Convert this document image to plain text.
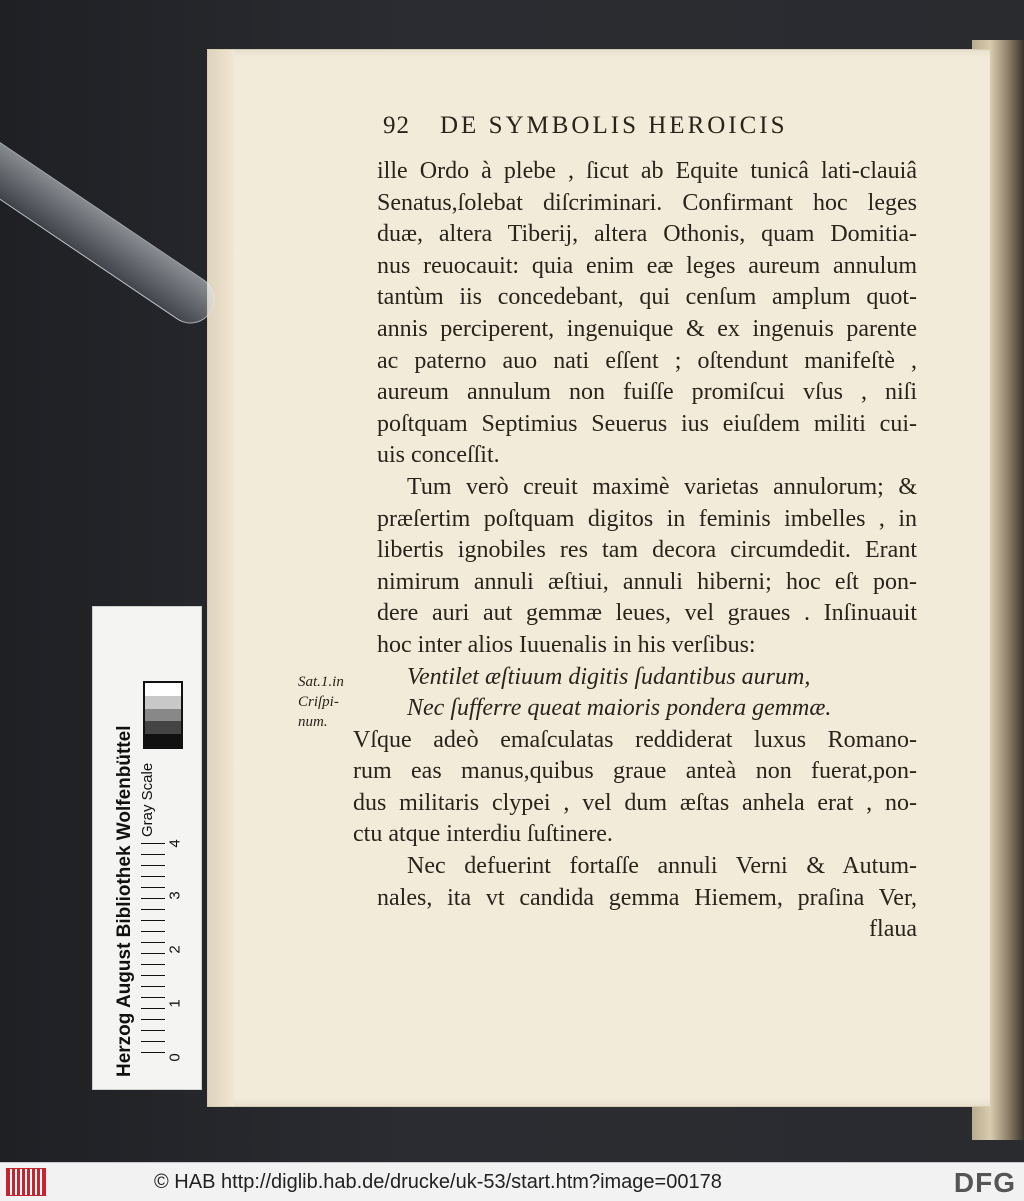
92 DE SYMBOLIS HEROICIS
ille Ordo à plebe , ſicut ab Equite tunicâ lati-clauiâ
Senatus,ſolebat diſcriminari. Confirmant hoc leges
duæ, altera Tiberij, altera Othonis, quam Domitia-
nus reuocauit: quia enim eæ leges aureum annulum
tantùm iis concedebant, qui cenſum amplum quot-
annis perciperent, ingenuique & ex ingenuis parente
ac paterno auo nati eſſent ; oſtendunt manifeſtè ,
aureum annulum non fuiſſe promiſcui vſus , niſi
poſtquam Septimius Seuerus ius eiuſdem militi cui-
uis conceſſit.
Tum verò creuit maximè varietas annulorum; &
præſertim poſtquam digitos in feminis imbelles , in
libertis ignobiles res tam decora circumdedit. Erant
nimirum annuli æſtiui, annuli hiberni; hoc eſt pon-
dere auri aut gemmæ leues, vel graues . Inſinuauit
hoc inter alios Iuuenalis in his verſibus:
Ventilet æſtiuum digitis ſudantibus aurum,
Nec ſufferre queat maioris pondera gemmæ.
Vſque adeò emaſculatas reddiderat luxus Romano-
rum eas manus,quibus graue anteà non fuerat,pon-
dus militaris clypei , vel dum æſtas anhela erat , no-
ctu atque interdiu ſuſtinere.
Nec defuerint fortaſſe annuli Verni & Autum-
nales, ita vt candida gemma Hiemem, praſina Ver,
flaua
Sat.1.in
Criſpi-
num.
Herzog August Bibliothek Wolfenbüttel Gray Scale
0
1
2
3
4
© HAB http://diglib.hab.de/drucke/uk-53/start.htm?image=00178	DFG
